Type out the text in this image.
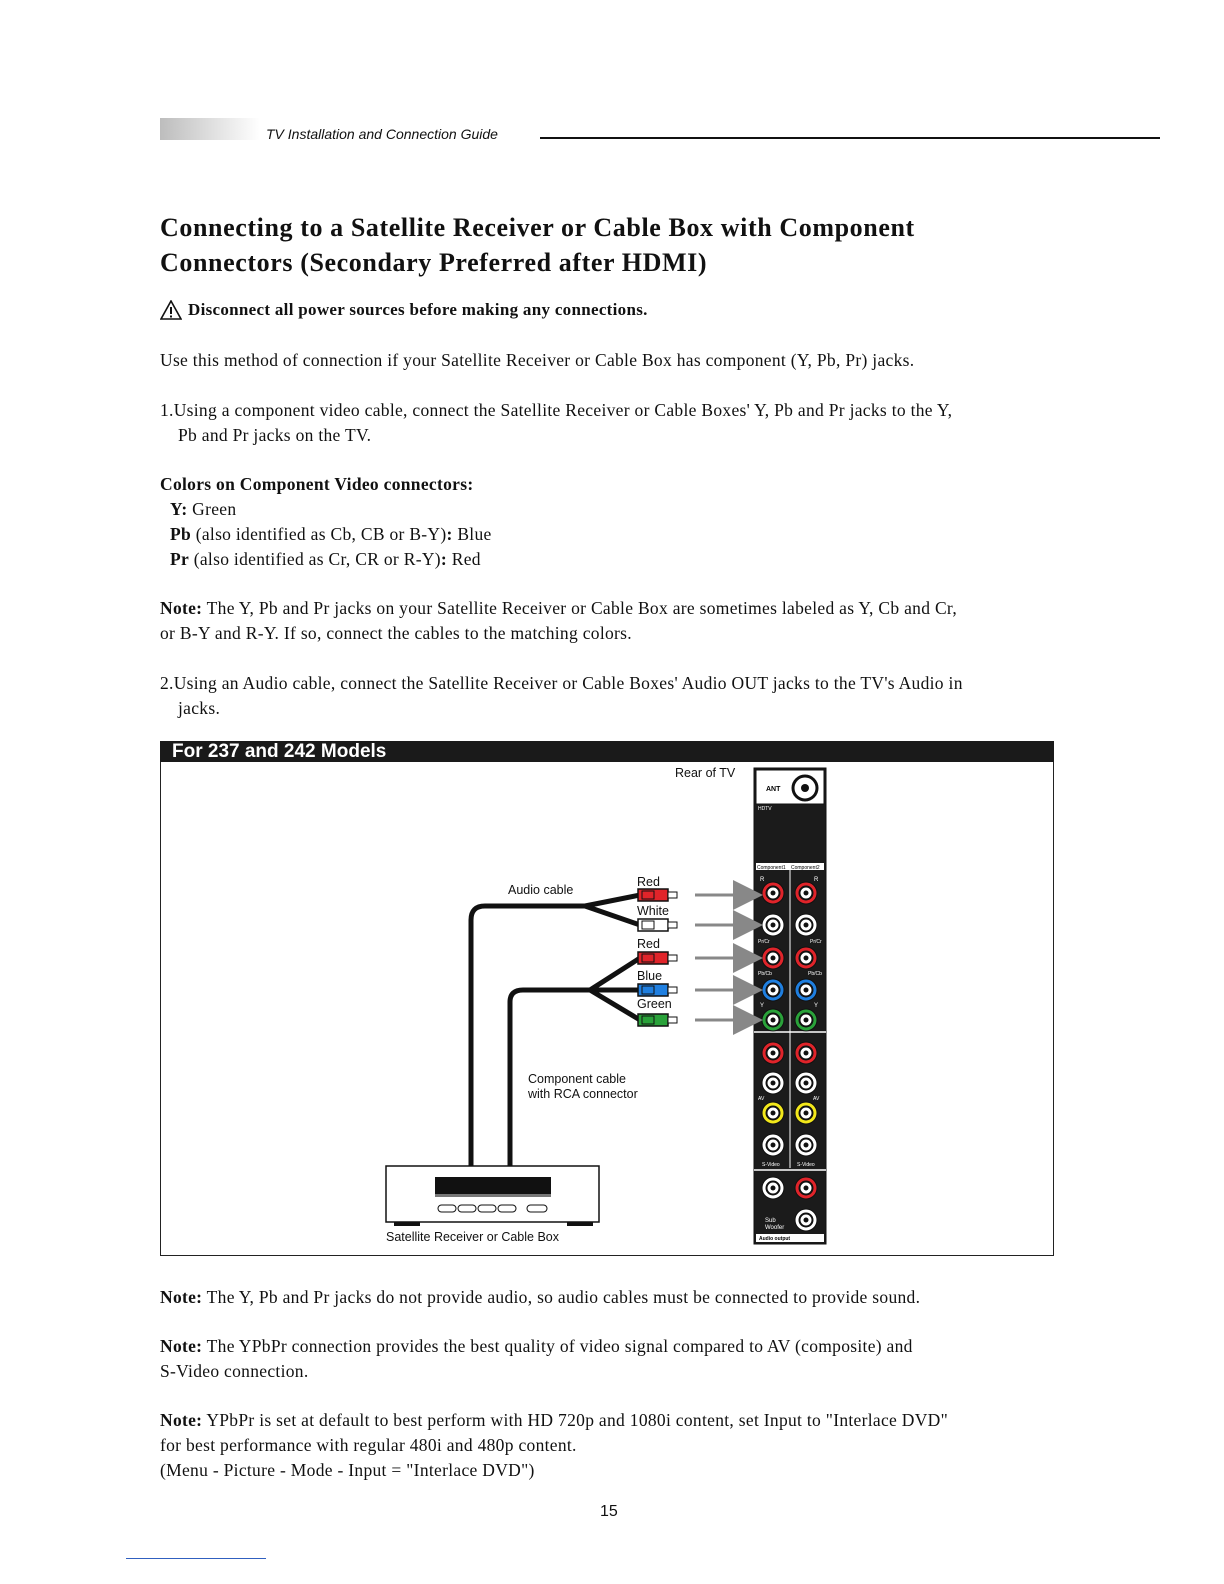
TV Installation and Connection Guide
Connecting to a Satellite Receiver or Cable Box with Component
Connectors (Secondary Preferred after HDMI)
Disconnect all power sources before making any connections.
Use this method of connection if your Satellite Receiver or Cable Box has component (Y, Pb, Pr) jacks.
1.Using a component video cable, connect the Satellite Receiver or Cable Boxes' Y, Pb and Pr jacks to the Y,
Pb and Pr jacks on the TV.
Colors on Component Video connectors:
Y: Green
Pb (also identified as Cb, CB or B-Y): Blue
Pr (also identified as Cr, CR or R-Y): Red
Note: The Y, Pb and Pr jacks on your Satellite Receiver or Cable Box are sometimes labeled as Y, Cb and Cr,
or B-Y and R-Y. If so, connect the cables to the matching colors.
2.Using an Audio cable, connect the Satellite Receiver or Cable Boxes' Audio OUT jacks to the TV's Audio in
jacks.
For 237 and 242 Models
ANT
HDTV
Component1 Component2
R	R
Pr/Cr	Pr/Cr
Pb/Cb	Pb/Cb
Y	Y
AV	AV
S-Video	S-Video
Sub
Woofer
Audio output
Rear of TV
Audio cable
Red
White
Red
Blue
Green
Component cable
with RCA connector
Satellite Receiver or Cable Box
Note: The Y, Pb and Pr jacks do not provide audio, so audio cables must be connected to provide sound.
Note: The YPbPr connection provides the best quality of video signal compared to AV (composite) and
S-Video connection.
Note: YPbPr is set at default to best perform with HD 720p and 1080i content, set Input to "Interlace DVD"
for best performance with regular 480i and 480p content.
(Menu - Picture - Mode - Input = "Interlace DVD")
15
